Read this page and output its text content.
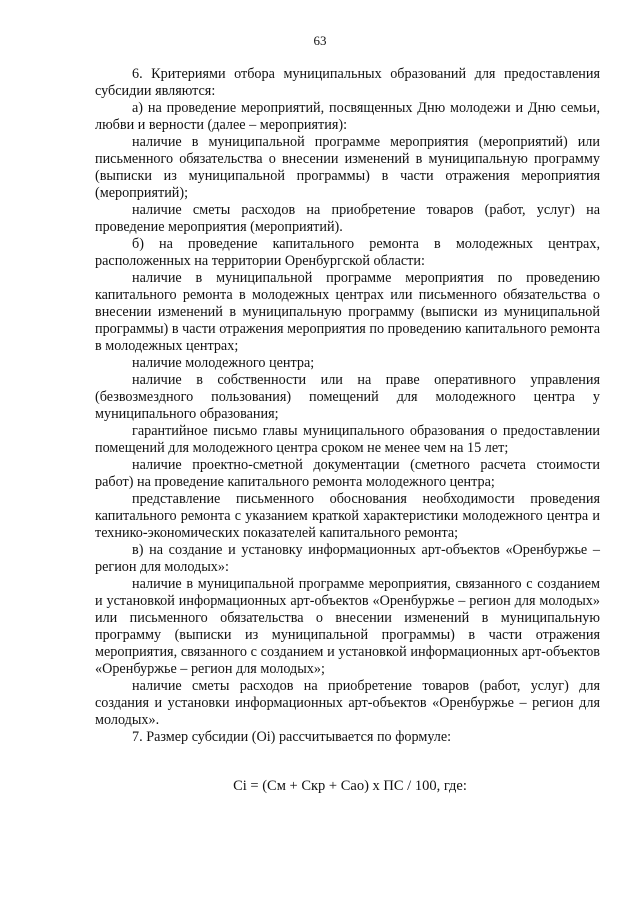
63

6. Критериями отбора муниципальных образований для предоставления субсидии являются:

а) на проведение мероприятий, посвященных Дню молодежи и Дню семьи, любви и верности (далее – мероприятия):

наличие в муниципальной программе мероприятия (мероприятий) или письменного обязательства о внесении изменений в муниципальную программу (выписки из муниципальной программы) в части отражения мероприятия (мероприятий);

наличие сметы расходов на приобретение товаров (работ, услуг) на проведение мероприятия (мероприятий).

б) на проведение капитального ремонта в молодежных центрах, расположенных на территории Оренбургской области:

наличие в муниципальной программе мероприятия по проведению капитального ремонта в молодежных центрах или письменного обязательства о внесении изменений в муниципальную программу (выписки из муниципальной программы) в части отражения мероприятия по проведению капитального ремонта в молодежных центрах;

наличие молодежного центра;

наличие в собственности или на праве оперативного управления (безвозмездного пользования) помещений для молодежного центра у муниципального образования;

гарантийное письмо главы муниципального образования о предоставлении помещений для молодежного центра сроком не менее чем на 15 лет;

наличие проектно-сметной документации (сметного расчета стоимости работ) на проведение капитального ремонта молодежного центра;

представление письменного обоснования необходимости проведения капитального ремонта с указанием краткой характеристики молодежного центра и технико-экономических показателей капитального ремонта;

в) на создание и установку информационных арт-объектов «Оренбуржье – регион для молодых»:

наличие в муниципальной программе мероприятия, связанного с созданием и установкой информационных арт-объектов «Оренбуржье – регион для молодых» или письменного обязательства о внесении изменений в муниципальную программу (выписки из муниципальной программы) в части отражения мероприятия, связанного с созданием и установкой информационных арт-объектов «Оренбуржье – регион для молодых»;

наличие сметы расходов на приобретение товаров (работ, услуг) для создания и установки информационных арт-объектов «Оренбуржье – регион для молодых».

7. Размер субсидии (Оi) рассчитывается по формуле:

Сi = (См + Скр + Сао) х ПС / 100, где:
